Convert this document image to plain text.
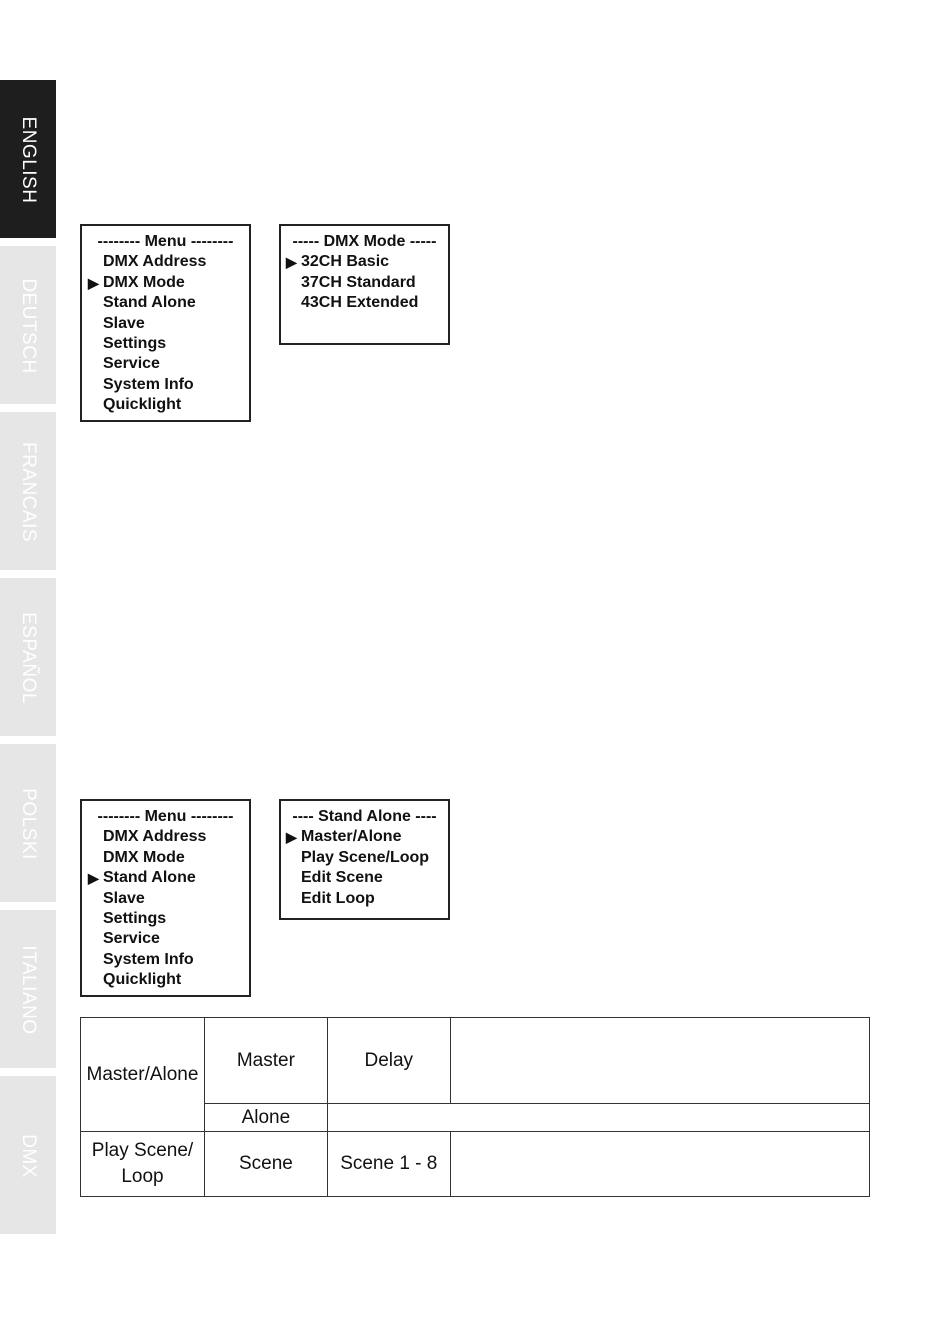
ENGLISH
DEUTSCH
FRANCAIS
ESPAÑOL
POLSKI
ITALIANO
DMX
-------- Menu --------
DMX Address
▶ DMX Mode
Stand Alone
Slave
Settings
Service
System Info
Quicklight
----- DMX Mode -----
▶ 32CH Basic
37CH Standard
43CH Extended
-------- Menu --------
DMX Address
DMX Mode
▶ Stand Alone
Slave
Settings
Service
System Info
Quicklight
---- Stand Alone ----
▶ Master/Alone
Play Scene/Loop
Edit Scene
Edit Loop
Master/Alone	Master	Delay	
	Alone		
Play Scene/
Loop	Scene	Scene 1 - 8	
